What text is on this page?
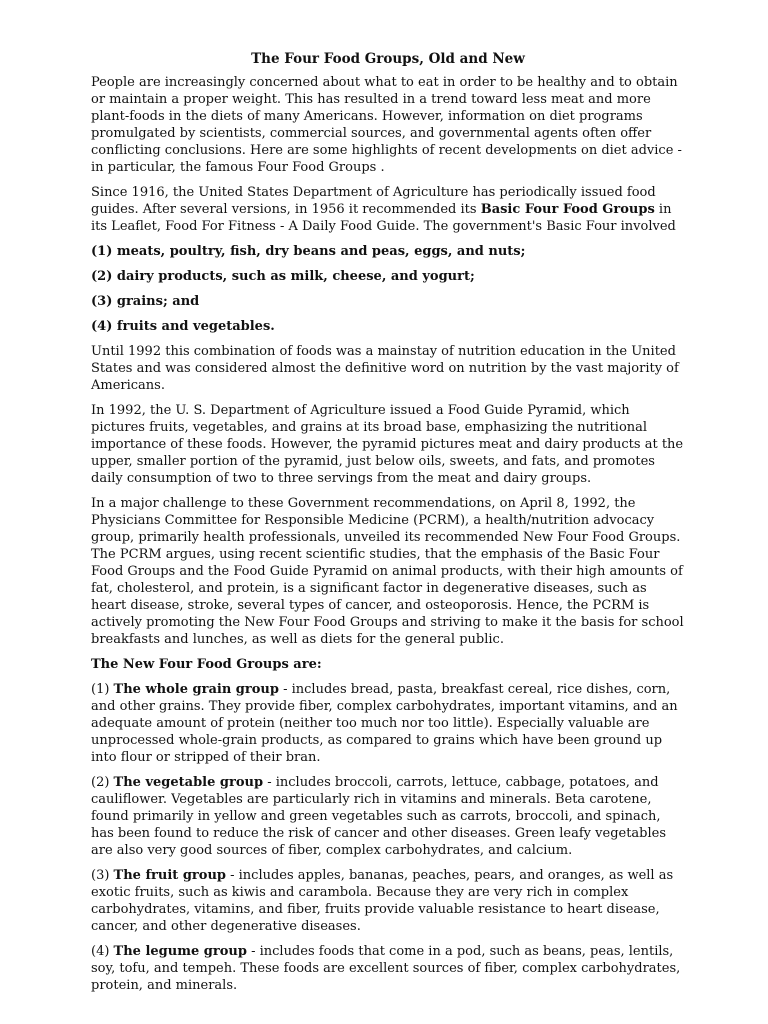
The Four Food Groups, Old and New

People are increasingly concerned about what to eat in order to be healthy and to obtain or maintain a proper weight. This has resulted in a trend toward less meat and more plant-foods in the diets of many Americans. However, information on diet programs promulgated by scientists, commercial sources, and governmental agents often offer conflicting conclusions. Here are some highlights of recent developments on diet advice - in particular, the famous Four Food Groups .

Since 1916, the United States Department of Agriculture has periodically issued food guides. After several versions, in 1956 it recommended its Basic Four Food Groups in its Leaflet, Food For Fitness - A Daily Food Guide. The government's Basic Four involved

(1) meats, poultry, fish, dry beans and peas, eggs, and nuts;

(2) dairy products, such as milk, cheese, and yogurt;

(3) grains; and

(4) fruits and vegetables.

Until 1992 this combination of foods was a mainstay of nutrition education in the United States and was considered almost the definitive word on nutrition by the vast majority of Americans.

In 1992, the U. S. Department of Agriculture issued a Food Guide Pyramid, which pictures fruits, vegetables, and grains at its broad base, emphasizing the nutritional importance of these foods. However, the pyramid pictures meat and dairy products at the upper, smaller portion of the pyramid, just below oils, sweets, and fats, and promotes daily consumption of two to three servings from the meat and dairy groups.

In a major challenge to these Government recommendations, on April 8, 1992, the Physicians Committee for Responsible Medicine (PCRM), a health/nutrition advocacy group, primarily health professionals, unveiled its recommended New Four Food Groups. The PCRM argues, using recent scientific studies, that the emphasis of the Basic Four Food Groups and the Food Guide Pyramid on animal products, with their high amounts of fat, cholesterol, and protein, is a significant factor in degenerative diseases, such as heart disease, stroke, several types of cancer, and osteoporosis. Hence, the PCRM is actively promoting the New Four Food Groups and striving to make it the basis for school breakfasts and lunches, as well as diets for the general public.

The New Four Food Groups are:

(1) The whole grain group - includes bread, pasta, breakfast cereal, rice dishes, corn, and other grains. They provide fiber, complex carbohydrates, important vitamins, and an adequate amount of protein (neither too much nor too little). Especially valuable are unprocessed whole-grain products, as compared to grains which have been ground up into flour or stripped of their bran.

(2) The vegetable group - includes broccoli, carrots, lettuce, cabbage, potatoes, and cauliflower. Vegetables are particularly rich in vitamins and minerals. Beta carotene, found primarily in yellow and green vegetables such as carrots, broccoli, and spinach, has been found to reduce the risk of cancer and other diseases. Green leafy vegetables are also very good sources of fiber, complex carbohydrates, and calcium.

(3) The fruit group - includes apples, bananas, peaches, pears, and oranges, as well as exotic fruits, such as kiwis and carambola. Because they are very rich in complex carbohydrates, vitamins, and fiber, fruits provide valuable resistance to heart disease, cancer, and other degenerative diseases.

(4) The legume group - includes foods that come in a pod, such as beans, peas, lentils, soy, tofu, and tempeh. These foods are excellent sources of fiber, complex carbohydrates, protein, and minerals.
